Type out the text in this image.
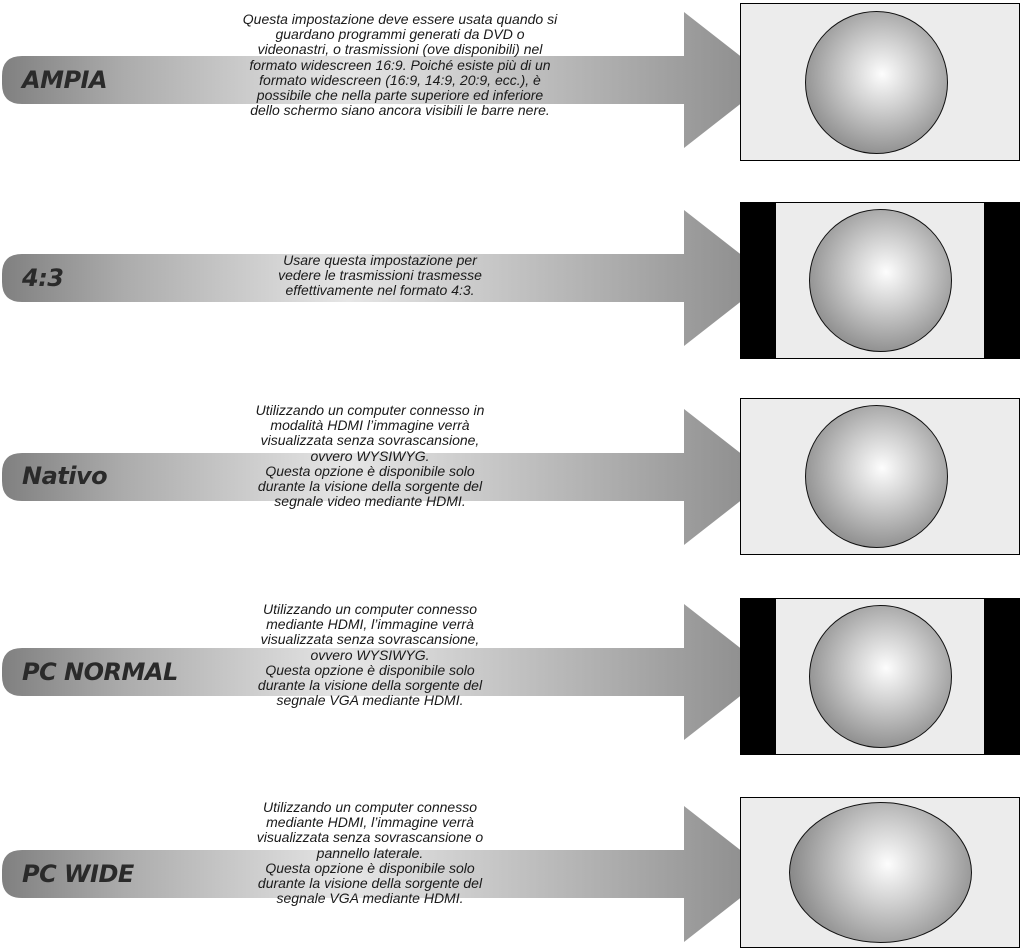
AMPIA

Questa impostazione deve essere usata quando si
guardano programmi generati da DVD o
videonastri, o trasmissioni (ove disponibili) nel
formato widescreen 16:9. Poiché esiste più di un
formato widescreen (16:9, 14:9, 20:9, ecc.), è
possibile che nella parte superiore ed inferiore
dello schermo siano ancora visibili le barre nere.

4:3

Usare questa impostazione per
vedere le trasmissioni trasmesse
effettivamente nel formato 4:3.

Nativo

Utilizzando un computer connesso in
modalità HDMI l’immagine verrà
visualizzata senza sovrascansione,
ovvero WYSIWYG.
Questa opzione è disponibile solo
durante la visione della sorgente del
segnale video mediante HDMI.

PC NORMAL

Utilizzando un computer connesso
mediante HDMI, l’immagine verrà
visualizzata senza sovrascansione,
ovvero WYSIWYG.
Questa opzione è disponibile solo
durante la visione della sorgente del
segnale VGA mediante HDMI.

PC WIDE

Utilizzando un computer connesso
mediante HDMI, l’immagine verrà
visualizzata senza sovrascansione o
pannello laterale.
Questa opzione è disponibile solo
durante la visione della sorgente del
segnale VGA mediante HDMI.
